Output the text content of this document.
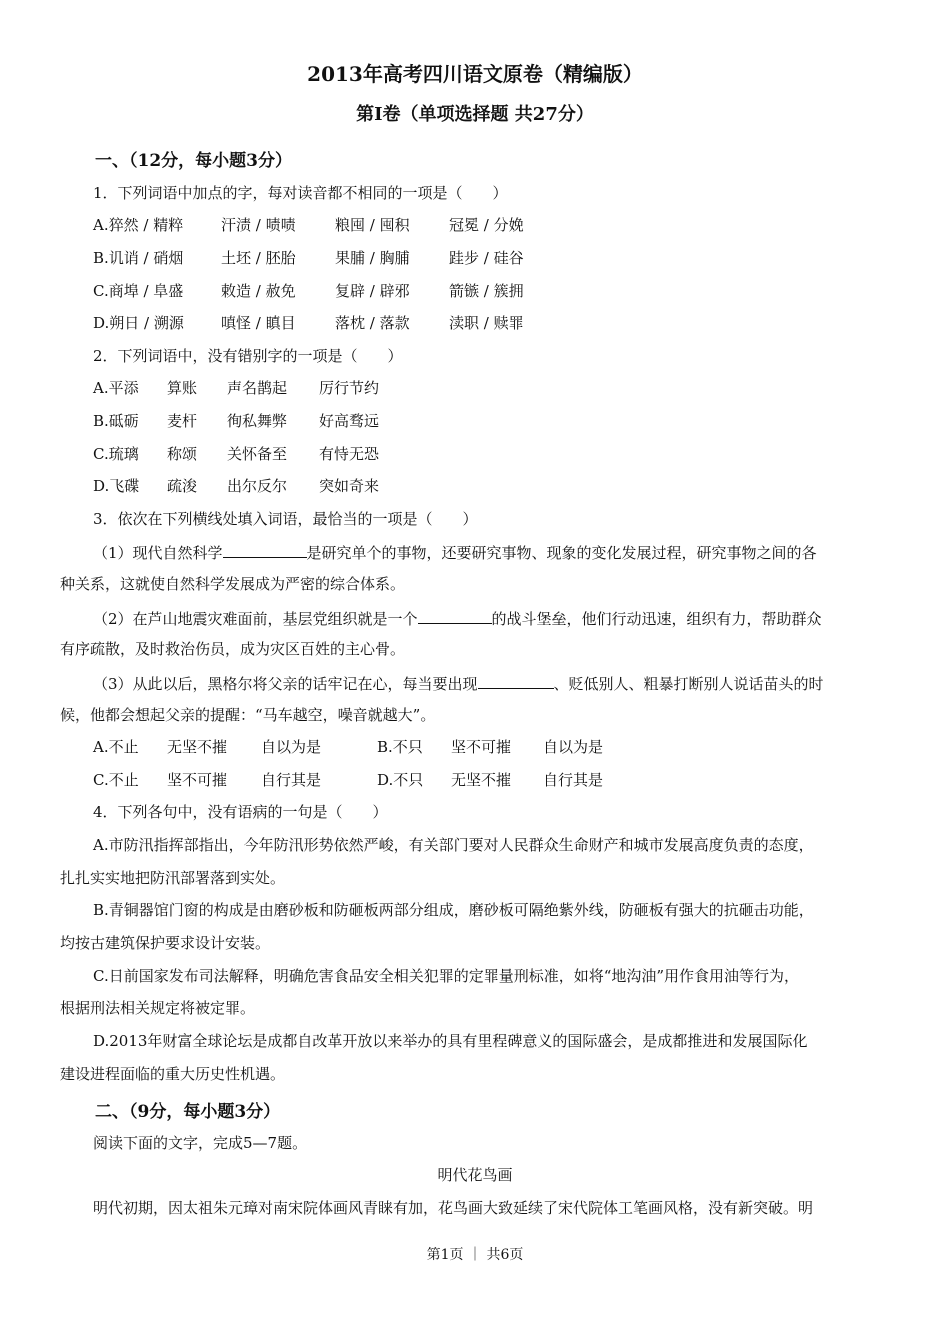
2013年高考四川语文原卷（精编版）
第Ⅰ卷（单项选择题 共27分）
一、（12分，每小题3分）
1．下列词语中加点的字，每对读音都不相同的一项是（　　）
A.猝然 / 精粹	汗渍 / 啧啧	粮囤 / 囤积	冠冕 / 分娩
B.讥诮 / 硝烟	土坯 / 胚胎	果脯 / 胸脯	跬步 / 硅谷
C.商埠 / 阜盛	敕造 / 赦免	复辟 / 辟邪	箭镞 / 簇拥
D.朔日 / 溯源 嗔怪 / 瞋目	落枕 / 落款	渎职 / 赎罪
2．下列词语中，没有错别字的一项是（　　）
A.平添 算账 声名鹊起 厉行节约
B.砥砺 麦杆 徇私舞弊 好高骛远
C.琉璃 称颂 关怀备至 有恃无恐
D.飞碟 疏浚 出尔反尔 突如奇来
3．依次在下列横线处填入词语，最恰当的一项是（　　）
（1）现代自然科学	是研究单个的事物，还要研究事物、现象的变化发展过程，研究事物之间的各
种关系，这就使自然科学发展成为严密的综合体系。
（2）在芦山地震灾难面前，基层党组织就是一个	的战斗堡垒，他们行动迅速，组织有力，帮助群众
有序疏散，及时救治伤员，成为灾区百姓的主心骨。
（3）从此以后，黑格尔将父亲的话牢记在心，每当要出现	、贬低别人、粗暴打断别人说话苗头的时
候，他都会想起父亲的提醒：“马车越空，噪音就越大”。
A.不止 无坚不摧 自以为是	B.不只 坚不可摧 自以为是
C.不止 坚不可摧 自行其是	D.不只 无坚不摧 自行其是
4．下列各句中，没有语病的一句是（　　）
A.市防汛指挥部指出，今年防汛形势依然严峻，有关部门要对人民群众生命财产和城市发展高度负责的态度，
扎扎实实地把防汛部署落到实处。
B.青铜器馆门窗的构成是由磨砂板和防砸板两部分组成，磨砂板可隔绝紫外线，防砸板有强大的抗砸击功能，
均按古建筑保护要求设计安装。
C.日前国家发布司法解释，明确危害食品安全相关犯罪的定罪量刑标准，如将“地沟油”用作食用油等行为，
根据刑法相关规定将被定罪。
D.2013年财富全球论坛是成都自改革开放以来举办的具有里程碑意义的国际盛会，是成都推进和发展国际化
建设进程面临的重大历史性机遇。
二、（9分，每小题3分）
阅读下面的文字，完成5—7题。
明代花鸟画
明代初期，因太祖朱元璋对南宋院体画风青睐有加，花鸟画大致延续了宋代院体工笔画风格，没有新突破。明
第1页 ｜ 共6页
